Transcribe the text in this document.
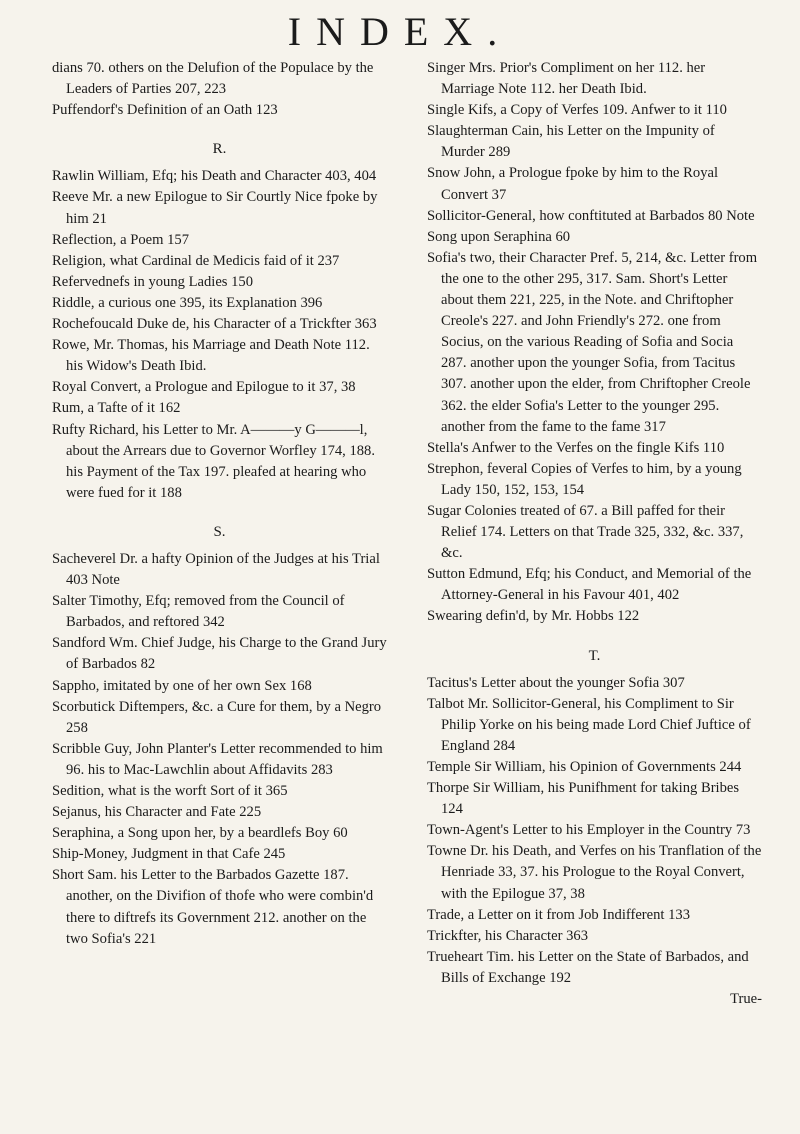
INDEX.
dians 70. others on the Delufion of the Populace by the Leaders of Parties 207, 223
Puffendorf's Definition of an Oath 123
R.
Rawlin William, Efq; his Death and Character 403, 404
Reeve Mr. a new Epilogue to Sir Courtly Nice fpoke by him 21
Reflection, a Poem 157
Religion, what Cardinal de Medicis faid of it 237
Refervednefs in young Ladies 150
Riddle, a curious one 395, its Explanation 396
Rochefoucald Duke de, his Character of a Trickfter 363
Rowe, Mr. Thomas, his Marriage and Death Note 112. his Widow's Death Ibid.
Royal Convert, a Prologue and Epilogue to it 37, 38
Rum, a Tafte of it 162
Rufty Richard, his Letter to Mr. A———y G———l, about the Arrears due to Governor Worfley 174, 188. his Payment of the Tax 197. pleafed at hearing who were fued for it 188
S.
Sacheverel Dr. a hafty Opinion of the Judges at his Trial 403 Note
Salter Timothy, Efq; removed from the Council of Barbados, and reftored 342
Sandford Wm. Chief Judge, his Charge to the Grand Jury of Barbados 82
Sappho, imitated by one of her own Sex 168
Scorbutick Diftempers, &c. a Cure for them, by a Negro 258
Scribble Guy, John Planter's Letter recommended to him 96. his to Mac-Lawchlin about Affidavits 283
Sedition, what is the worft Sort of it 365
Sejanus, his Character and Fate 225
Seraphina, a Song upon her, by a beardlefs Boy 60
Ship-Money, Judgment in that Cafe 245
Short Sam. his Letter to the Barbados Gazette 187. another, on the Divifion of thofe who were combin'd there to diftrefs its Government 212. another on the two Sofia's 221
Singer Mrs. Prior's Compliment on her 112. her Marriage Note 112. her Death Ibid.
Single Kifs, a Copy of Verfes 109. Anfwer to it 110
Slaughterman Cain, his Letter on the Impunity of Murder 289
Snow John, a Prologue fpoke by him to the Royal Convert 37
Sollicitor-General, how conftituted at Barbados 80 Note
Song upon Seraphina 60
Sofia's two, their Character Pref. 5, 214, &c. Letter from the one to the other 295, 317. Sam. Short's Letter about them 221, 225, in the Note. and Chriftopher Creole's 227. and John Friendly's 272. one from Socius, on the various Reading of Sofia and Socia 287. another upon the younger Sofia, from Tacitus 307. another upon the elder, from Chriftopher Creole 362. the elder Sofia's Letter to the younger 295. another from the fame to the fame 317
Stella's Anfwer to the Verfes on the fingle Kifs 110
Strephon, feveral Copies of Verfes to him, by a young Lady 150, 152, 153, 154
Sugar Colonies treated of 67. a Bill paffed for their Relief 174. Letters on that Trade 325, 332, &c. 337, &c.
Sutton Edmund, Efq; his Conduct, and Memorial of the Attorney-General in his Favour 401, 402
Swearing defin'd, by Mr. Hobbs 122
T.
Tacitus's Letter about the younger Sofia 307
Talbot Mr. Sollicitor-General, his Compliment to Sir Philip Yorke on his being made Lord Chief Juftice of England 284
Temple Sir William, his Opinion of Governments 244
Thorpe Sir William, his Punifhment for taking Bribes 124
Town-Agent's Letter to his Employer in the Country 73
Towne Dr. his Death, and Verfes on his Tranflation of the Henriade 33, 37. his Prologue to the Royal Convert, with the Epilogue 37, 38
Trade, a Letter on it from Job Indifferent 133
Trickfter, his Character 363
Trueheart Tim. his Letter on the State of Barbados, and Bills of Exchange 192
True-
